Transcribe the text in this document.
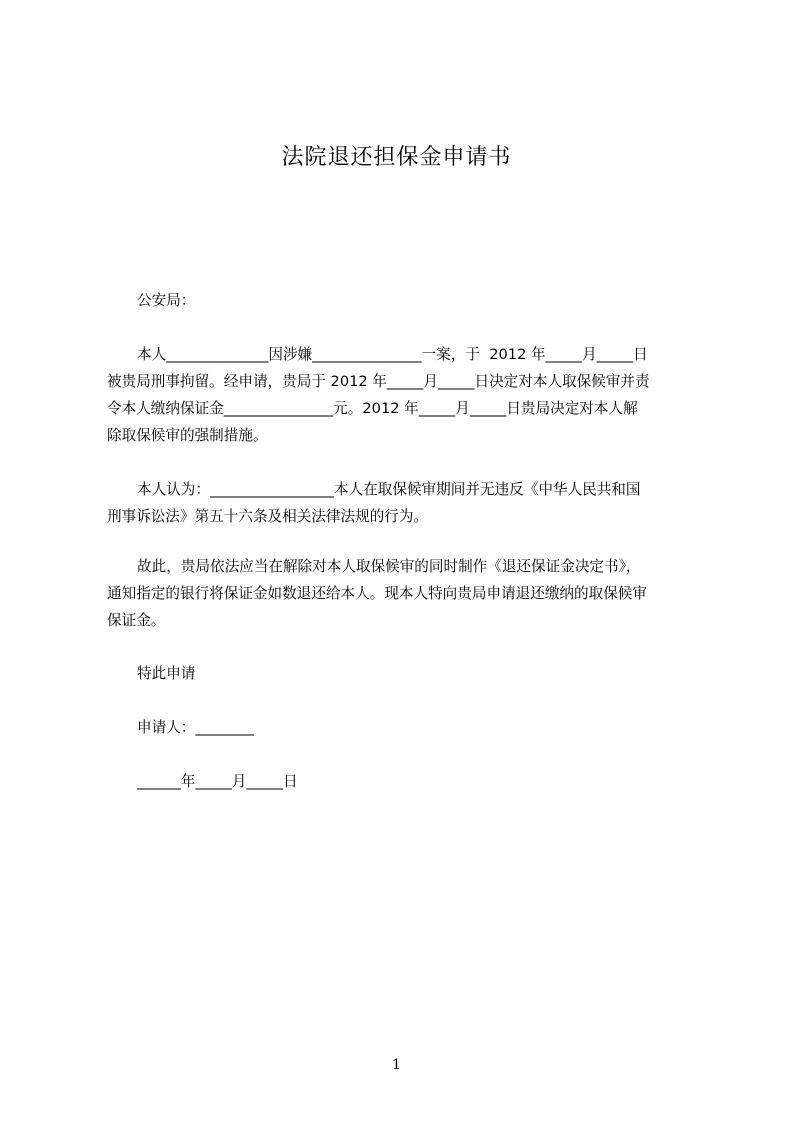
法院退还担保金申请书
公安局：
本人______________因涉嫌_______________一案，于  2012 年_____月_____日
被贵局刑事拘留。经申请，贵局于 2012 年_____月_____日决定对本人取保候审并责
令本人缴纳保证金_______________元。2012 年_____月_____日贵局决定对本人解
除取保候审的强制措施。
本人认为：_________________本人在取保候审期间并无违反《中华人民共和国
刑事诉讼法》第五十六条及相关法律法规的行为。
故此，贵局依法应当在解除对本人取保候审的同时制作《退还保证金决定书》，
通知指定的银行将保证金如数退还给本人。现本人特向贵局申请退还缴纳的取保候审
保证金。
特此申请
申请人：________
______年_____月_____日
1
